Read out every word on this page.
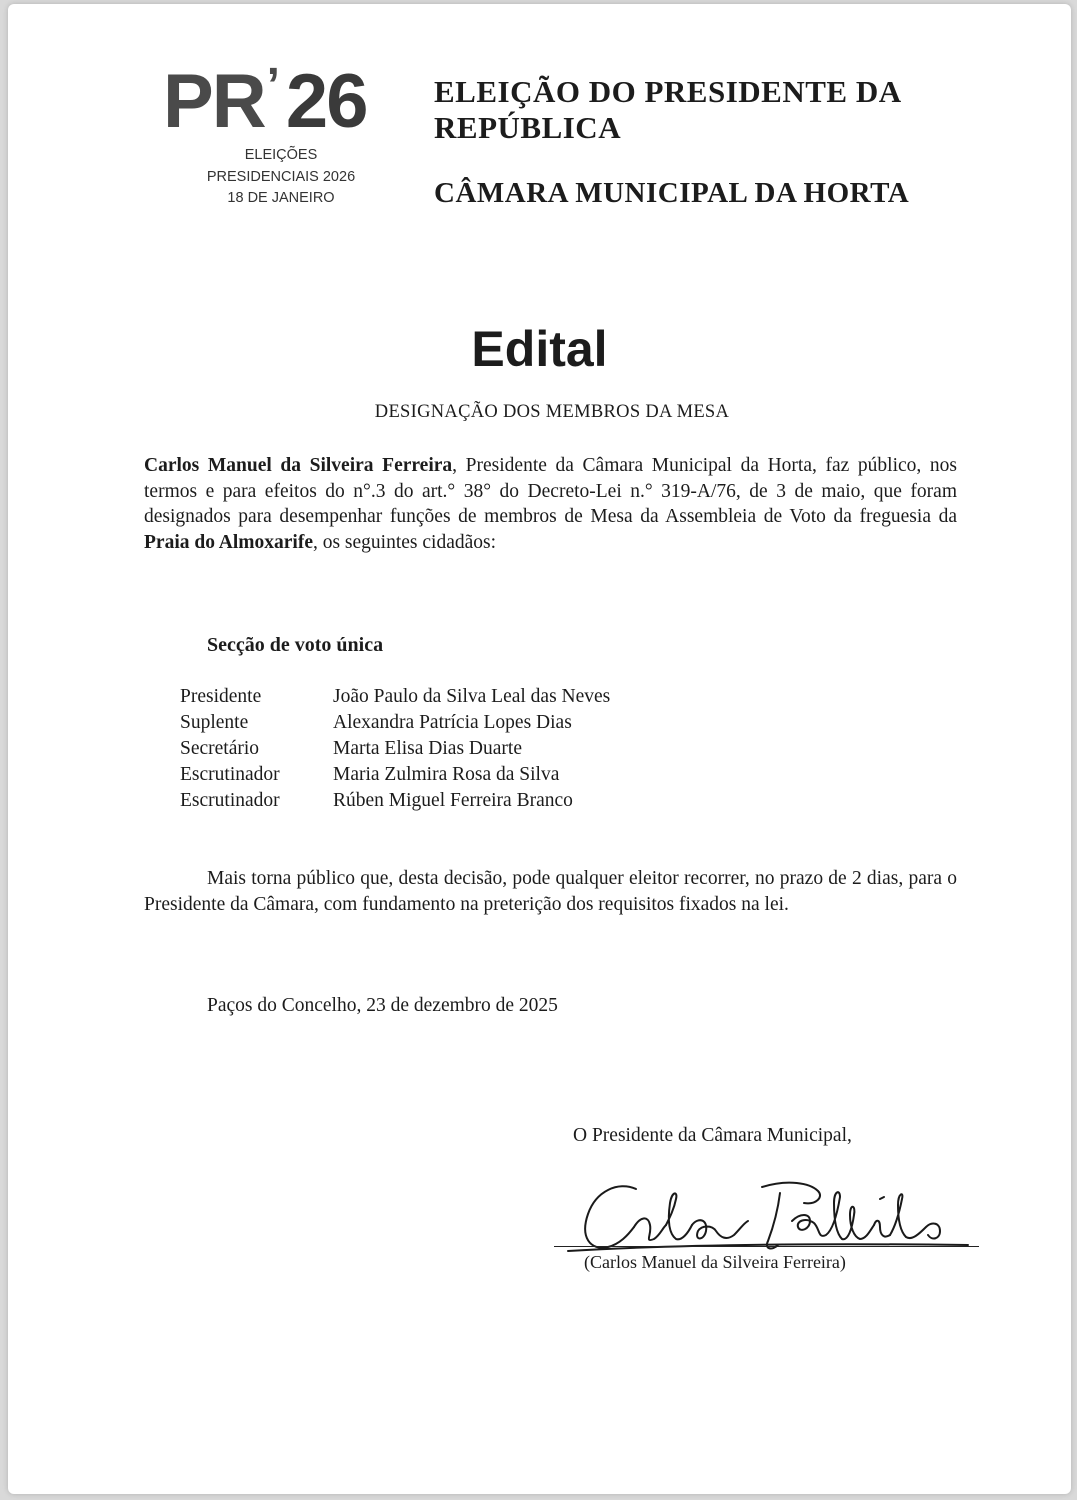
PR’ 26
ELEIÇÕES
PRESIDENCIAIS 2026
18 DE JANEIRO
ELEIÇÃO DO PRESIDENTE DA REPÚBLICA
CÂMARA MUNICIPAL DA HORTA
Edital
DESIGNAÇÃO DOS MEMBROS DA MESA
Carlos Manuel da Silveira Ferreira, Presidente da Câmara Municipal da Horta, faz público, nos termos e para efeitos do n°.3 do art.° 38° do Decreto-Lei n.° 319-A/76, de 3 de maio, que foram designados para desempenhar funções de membros de Mesa da Assembleia de Voto da freguesia da Praia do Almoxarife, os seguintes cidadãos:
Secção de voto única
Presidente	João Paulo da Silva Leal das Neves
Suplente	Alexandra Patrícia Lopes Dias
Secretário	Marta Elisa Dias Duarte
Escrutinador	Maria Zulmira Rosa da Silva
Escrutinador	Rúben Miguel Ferreira Branco
Mais torna público que, desta decisão, pode qualquer eleitor recorrer, no prazo de 2 dias, para o Presidente da Câmara, com fundamento na preterição dos requisitos fixados na lei.
Paços do Concelho, 23 de dezembro de 2025
O Presidente da Câmara Municipal,
(Carlos Manuel da Silveira Ferreira)
